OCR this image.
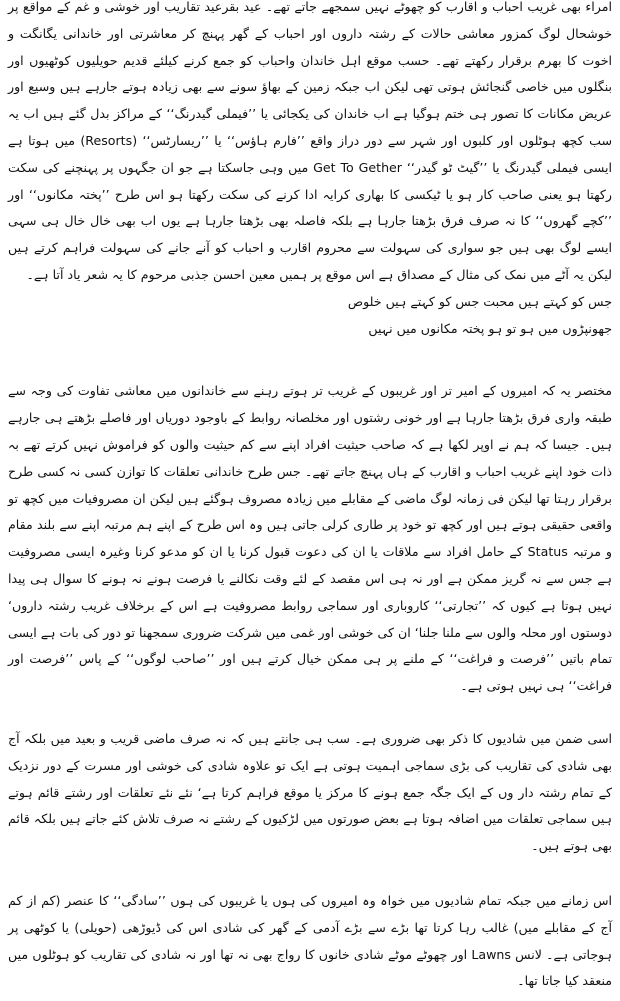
امراء بھی غریب احباب و اقارب کو چھوٹے نہیں سمجھے جاتے تھے۔ عید بقرعید تقاریب اور خوشی و غم کے مواقع پر خوشحال لوگ کمزور معاشی حالات کے رشتہ داروں اور احباب کے گھر پہنچ کر معاشرتی اور خاندانی یگانگت و اخوت کا بھرم برقرار رکھتے تھے۔ حسب موقع اہل خاندان واحباب کو جمع کرنے کیلئے قدیم حویلیوں کوٹھیوں اور بنگلوں میں خاصی گنجائش ہوتی تھی لیکن اب جبکہ زمین کے بھاؤ سونے سے بھی زیادہ ہوتے جارہے ہیں وسیع اور عریض مکانات کا تصور ہی ختم ہوگیا ہے اب خاندان کی یکجائی یا ’’فیملی گیدرنگ‘‘ کے مراکز بدل گئے ہیں اب یہ سب کچھ ہوٹلوں اور کلبوں اور شہر سے دور دراز واقع ’’فارم ہاؤس‘‘ یا ’’ریسارٹس‘‘ (Resorts) میں ہوتا ہے ایسی فیملی گیدرنگ یا ’’گیٹ ٹو گیدر‘‘ Get To Gether میں وہی جاسکتا ہے جو ان جگہوں پر پہنچنے کی سکت رکھتا ہو یعنی صاحب کار ہو یا ٹیکسی کا بھاری کرایہ ادا کرنے کی سکت رکھتا ہو اس طرح ’’پختہ مکانوں‘‘ اور ’’کچے گھروں‘‘ کا نہ صرف فرق بڑھتا جارہا ہے بلکہ فاصلہ بھی بڑھتا جارہا ہے یوں اب بھی خال خال ہی سہی ایسے لوگ بھی ہیں جو سواری کی سہولت سے محروم اقارب و احباب کو آنے جانے کی سہولت فراہم کرتے ہیں لیکن یہ آٹے میں نمک کی مثال کے مصداق ہے اس موقع پر ہمیں معین احسن جذبی مرحوم کا یہ شعر یاد آتا ہے۔

جس کو کہتے ہیں محبت جس کو کہتے ہیں خلوص

جھونپڑوں میں ہو تو ہو پختہ مکانوں میں نہیں

مختصر یہ کہ امیروں کے امیر تر اور غریبوں کے غریب تر ہوتے رہنے سے خاندانوں میں معاشی تفاوت کی وجہ سے طبقہ واری فرق بڑھتا جارہا ہے اور خونی رشتوں اور مخلصانہ روابط کے باوجود دوریاں اور فاصلے بڑھتے ہی جارہے ہیں۔ جیسا کہ ہم نے اوپر لکھا ہے کہ صاحب حیثیت افراد اپنے سے کم حیثیت والوں کو فراموش نہیں کرتے تھے بہ ذات خود اپنے غریب احباب و اقارب کے ہاں پہنچ جاتے تھے۔ جس طرح خاندانی تعلقات کا توازن کسی نہ کسی طرح برقرار رہتا تھا لیکن فی زمانہ لوگ ماضی کے مقابلے میں زیادہ مصروف ہوگئے ہیں لیکن ان مصروفیات میں کچھ تو واقعی حقیقی ہوتے ہیں اور کچھ تو خود پر طاری کرلی جاتی ہیں وہ اس طرح کے اپنے ہم مرتبہ اپنے سے بلند مقام و مرتبہ Status کے حامل افراد سے ملاقات یا ان کی دعوت قبول کرنا یا ان کو مدعو کرنا وغیرہ ایسی مصروفیت ہے جس سے نہ گریز ممکن ہے اور نہ ہی اس مقصد کے لئے وقت نکالنے یا فرصت ہونے نہ ہونے کا سوال ہی پیدا نہیں ہوتا ہے کیوں کہ ’’تجارتی‘‘ کاروباری اور سماجی روابط مصروفیت ہے اس کے برخلاف غریب رشتہ داروں‘ دوستوں اور محلہ والوں سے ملنا جلنا‘ ان کی خوشی اور غمی میں شرکت ضروری سمجھنا تو دور کی بات ہے ایسی تمام باتیں ’’فرصت و فراغت‘‘ کے ملنے پر ہی ممکن خیال کرتے ہیں اور ’’صاحب لوگوں‘‘ کے پاس ’’فرصت اور فراغت‘‘ ہی نہیں ہوتی ہے۔

اسی ضمن میں شادیوں کا ذکر بھی ضروری ہے۔ سب ہی جانتے ہیں کہ نہ صرف ماضی قریب و بعید میں بلکہ آج بھی شادی کی تقاریب کی بڑی سماجی اہمیت ہوتی ہے ایک تو علاوہ شادی کی خوشی اور مسرت کے دور نزدیک کے تمام رشتہ دار وں کے ایک جگہ جمع ہونے کا مرکز یا موقع فراہم کرتا ہے‘ نئے نئے تعلقات اور رشتے قائم ہوتے ہیں سماجی تعلقات میں اضافہ ہوتا ہے بعض صورتوں میں لڑکیوں کے رشتے نہ صرف تلاش کئے جاتے ہیں بلکہ قائم بھی ہوتے ہیں۔

اس زمانے میں جبکہ تمام شادیوں میں خواہ وہ امیروں کی ہوں یا غریبوں کی ہوں ’’سادگی‘‘ کا عنصر (کم از کم آج کے مقابلے میں) غالب رہا کرتا تھا بڑے سے بڑے آدمی کے گھر کی شادی اس کی ڈیوڑھی (حویلی) یا کوٹھی پر ہوجاتی ہے۔ لانس Lawns اور چھوٹے موٹے شادی خانوں کا رواج بھی نہ تھا اور نہ شادی کی تقاریب کو ہوٹلوں میں منعقد کیا جاتا تھا۔
